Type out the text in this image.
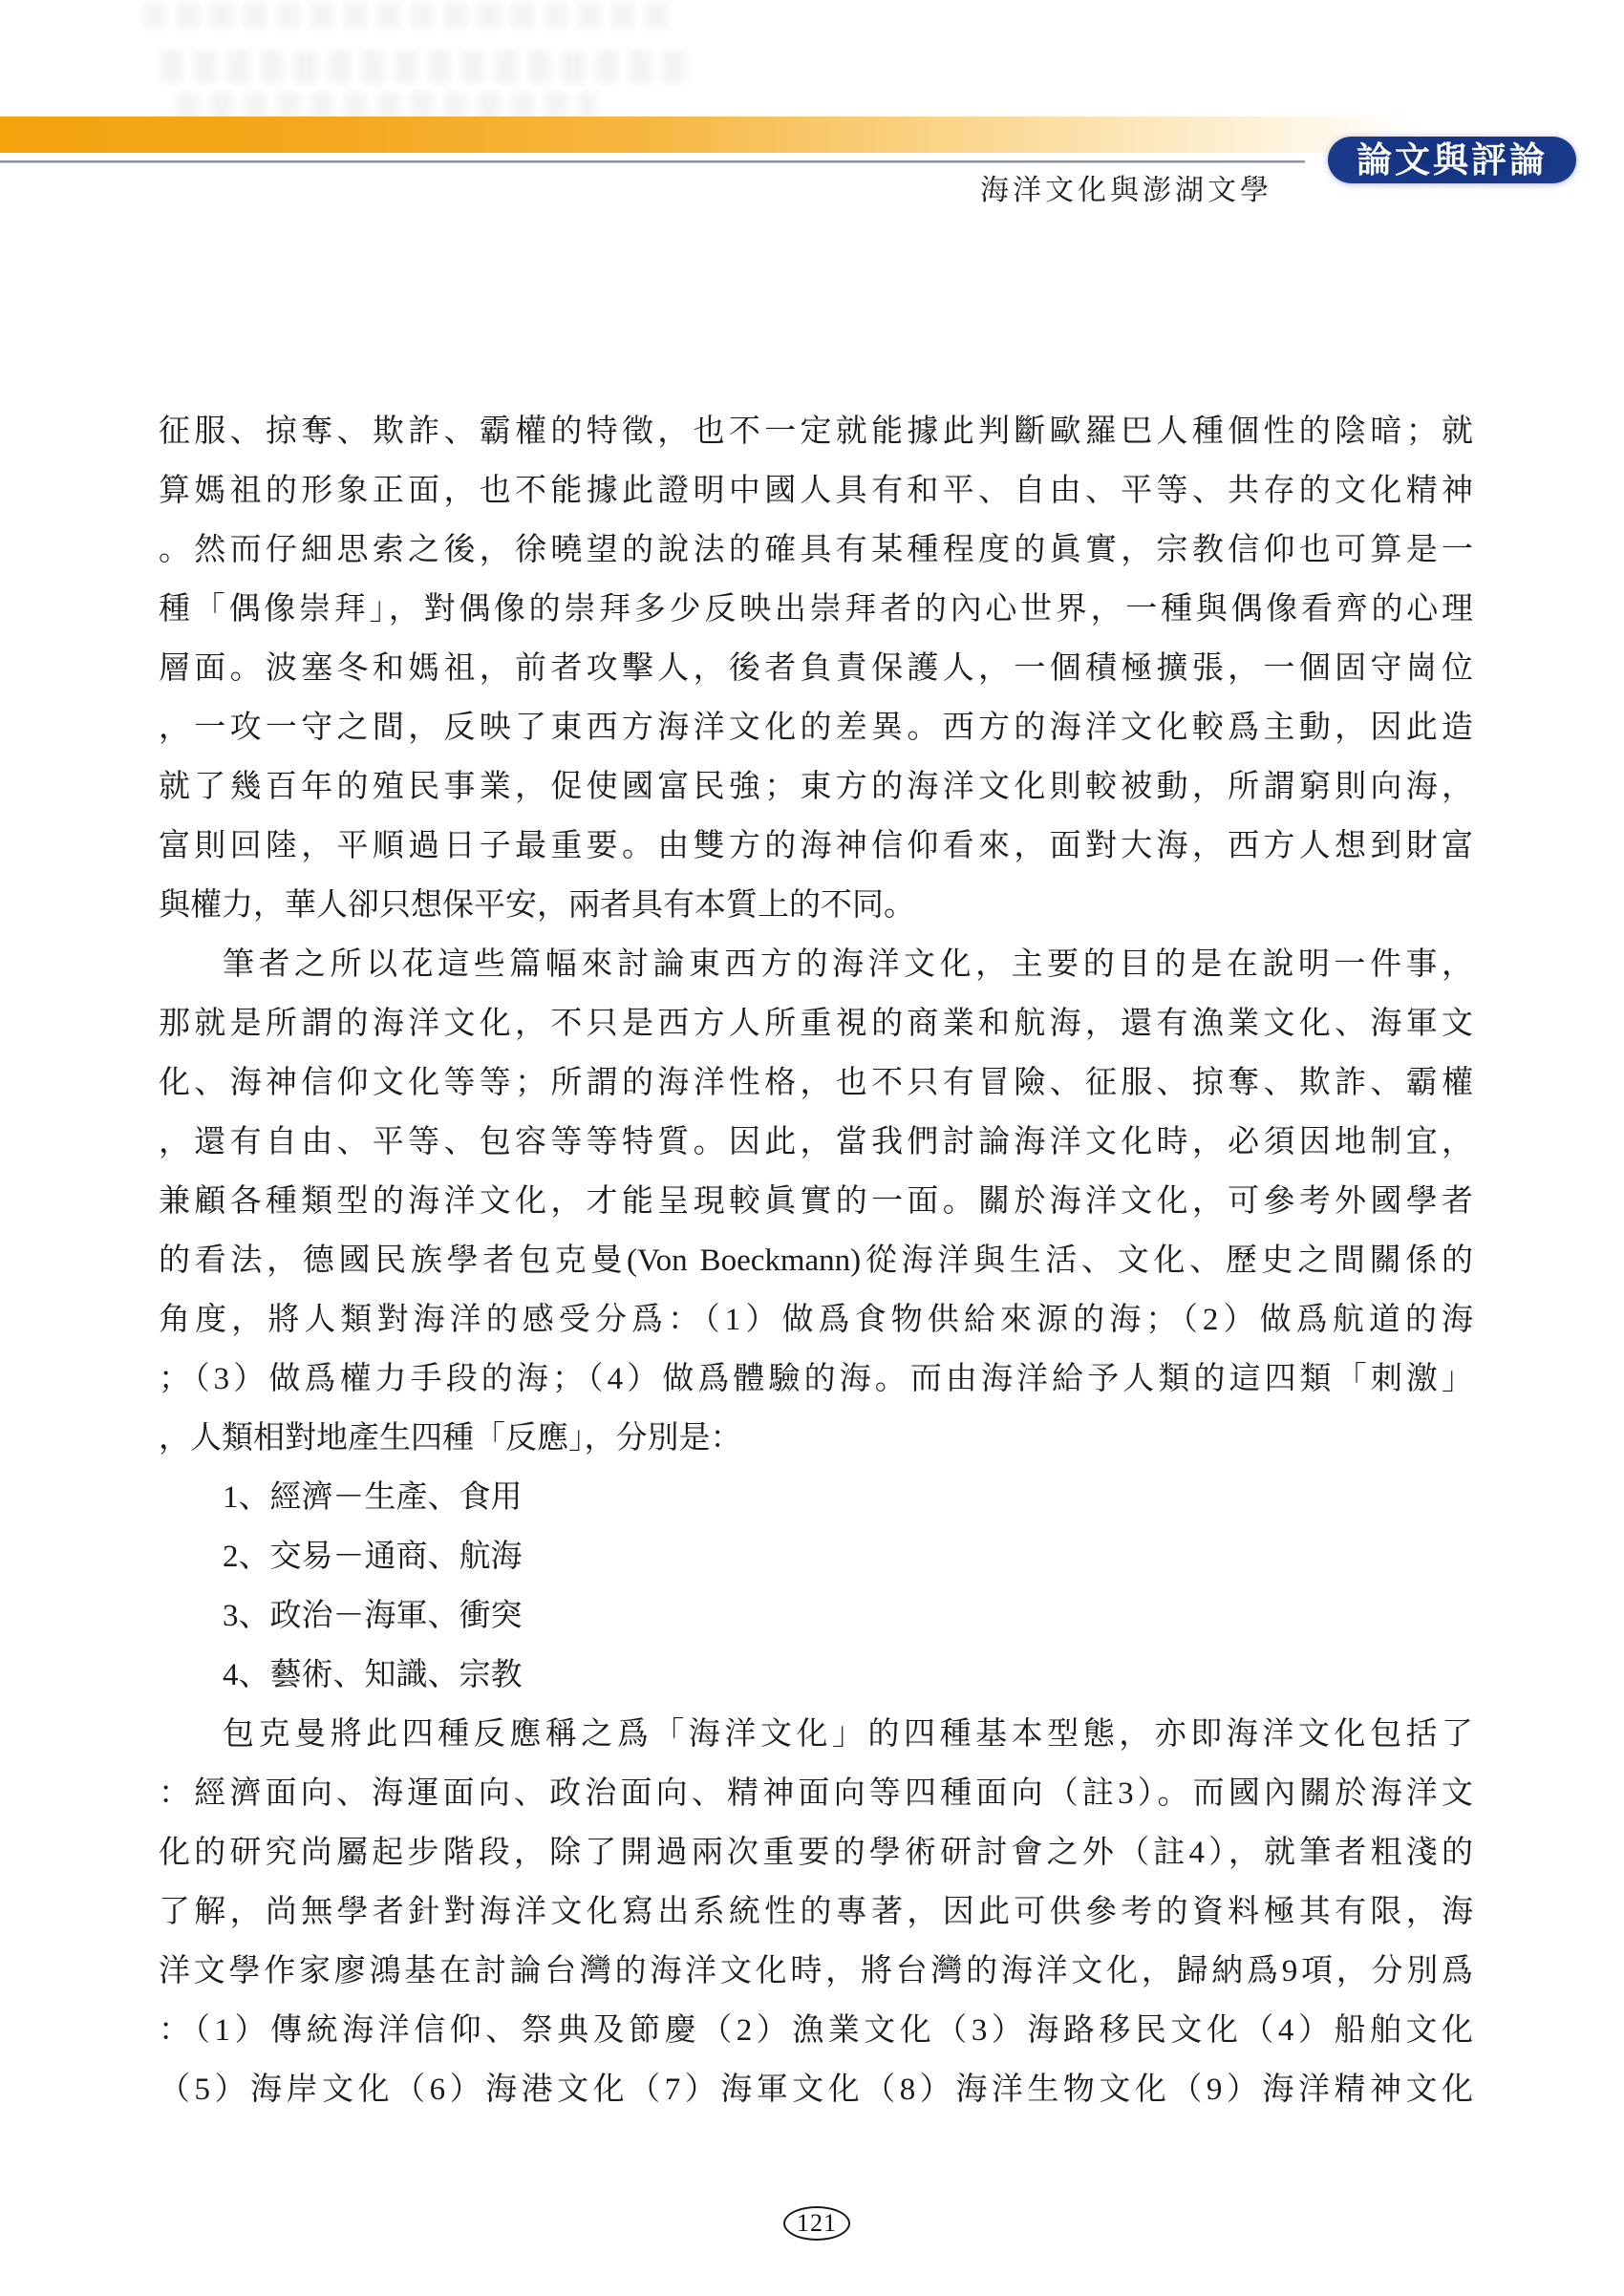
論文與評論
海洋文化與澎湖文學
征服、掠奪、欺詐、霸權的特徵，也不一定就能據此判斷歐羅巴人種個性的陰暗；就
算媽祖的形象正面，也不能據此證明中國人具有和平、自由、平等、共存的文化精神
。然而仔細思索之後，徐曉望的說法的確具有某種程度的眞實，宗教信仰也可算是一
種「偶像崇拜」，對偶像的崇拜多少反映出崇拜者的內心世界，一種與偶像看齊的心理
層面。波塞冬和媽祖，前者攻擊人，後者負責保護人，一個積極擴張，一個固守崗位
，一攻一守之間，反映了東西方海洋文化的差異。西方的海洋文化較爲主動，因此造
就了幾百年的殖民事業，促使國富民強；東方的海洋文化則較被動，所謂窮則向海，
富則回陸，平順過日子最重要。由雙方的海神信仰看來，面對大海，西方人想到財富
與權力，華人卻只想保平安，兩者具有本質上的不同。
筆者之所以花這些篇幅來討論東西方的海洋文化，主要的目的是在說明一件事，
那就是所謂的海洋文化，不只是西方人所重視的商業和航海，還有漁業文化、海軍文
化、海神信仰文化等等；所謂的海洋性格，也不只有冒險、征服、掠奪、欺詐、霸權
，還有自由、平等、包容等等特質。因此，當我們討論海洋文化時，必須因地制宜，
兼顧各種類型的海洋文化，才能呈現較眞實的一面。關於海洋文化，可參考外國學者
的看法，德國民族學者包克曼(Von Boeckmann)從海洋與生活、文化、歷史之間關係的
角度，將人類對海洋的感受分爲：（1）做爲食物供給來源的海；（2）做爲航道的海
；（3）做爲權力手段的海；（4）做爲體驗的海。而由海洋給予人類的這四類「刺激」
，人類相對地產生四種「反應」，分別是：
1、經濟－生產、食用
2、交易－通商、航海
3、政治－海軍、衝突
4、藝術、知識、宗教
包克曼將此四種反應稱之爲「海洋文化」的四種基本型態，亦即海洋文化包括了
：經濟面向、海運面向、政治面向、精神面向等四種面向（註3）。而國內關於海洋文
化的研究尚屬起步階段，除了開過兩次重要的學術研討會之外（註4），就筆者粗淺的
了解，尚無學者針對海洋文化寫出系統性的專著，因此可供參考的資料極其有限，海
洋文學作家廖鴻基在討論台灣的海洋文化時，將台灣的海洋文化，歸納爲9項，分別爲
：（1）傳統海洋信仰、祭典及節慶（2）漁業文化（3）海路移民文化（4）船舶文化
（5）海岸文化（6）海港文化（7）海軍文化（8）海洋生物文化（9）海洋精神文化
121
